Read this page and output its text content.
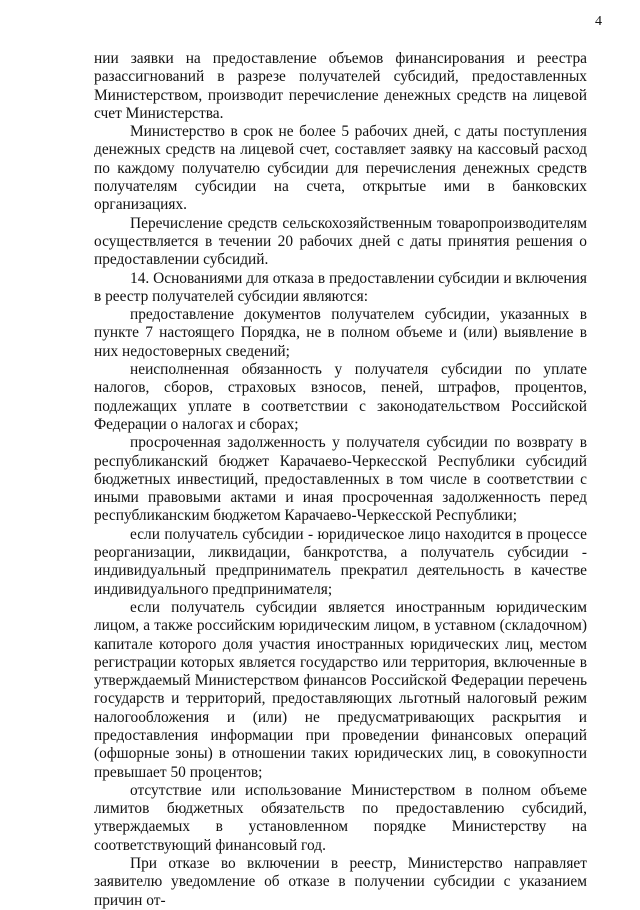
4

нии заявки на предоставление объемов финансирования и реестра разассигнований в разрезе получателей субсидий, предоставленных Министерством, производит перечисление денежных средств на лицевой счет Министерства.

Министерство в срок не более 5 рабочих дней, с даты поступления денежных средств на лицевой счет, составляет заявку на кассовый расход по каждому получателю субсидии для перечисления денежных средств получателям субсидии на счета, открытые ими в банковских организациях.

Перечисление средств сельскохозяйственным товаропроизводителям осуществляется в течении 20 рабочих дней с даты принятия решения о предоставлении субсидий.

14. Основаниями для отказа в предоставлении субсидии и включения в реестр получателей субсидии являются:

предоставление документов получателем субсидии, указанных в пункте 7 настоящего Порядка, не в полном объеме и (или) выявление в них недостоверных сведений;

неисполненная обязанность у получателя субсидии по уплате налогов, сборов, страховых взносов, пеней, штрафов, процентов, подлежащих уплате в соответствии с законодательством Российской Федерации о налогах и сборах;

просроченная задолженность у получателя субсидии по возврату в республиканский бюджет Карачаево-Черкесской Республики субсидий бюджетных инвестиций, предоставленных в том числе в соответствии с иными правовыми актами и иная просроченная задолженность перед республиканским бюджетом Карачаево-Черкесской Республики;

если получатель субсидии - юридическое лицо находится в процессе реорганизации, ликвидации, банкротства, а получатель субсидии - индивидуальный предприниматель прекратил деятельность в качестве индивидуального предпринимателя;

если получатель субсидии является иностранным юридическим лицом, а также российским юридическим лицом, в уставном (складочном) капитале которого доля участия иностранных юридических лиц, местом регистрации которых является государство или территория, включенные в утверждаемый Министерством финансов Российской Федерации перечень государств и территорий, предоставляющих льготный налоговый режим налогообложения и (или) не предусматривающих раскрытия и предоставления информации при проведении финансовых операций (офшорные зоны) в отношении таких юридических лиц, в совокупности превышает 50 процентов;

отсутствие или использование Министерством в полном объеме лимитов бюджетных обязательств по предоставлению субсидий, утверждаемых в установленном порядке Министерству на соответствующий финансовый год.

При отказе во включении в реестр, Министерство направляет заявителю уведомление об отказе в получении субсидии с указанием причин от-
